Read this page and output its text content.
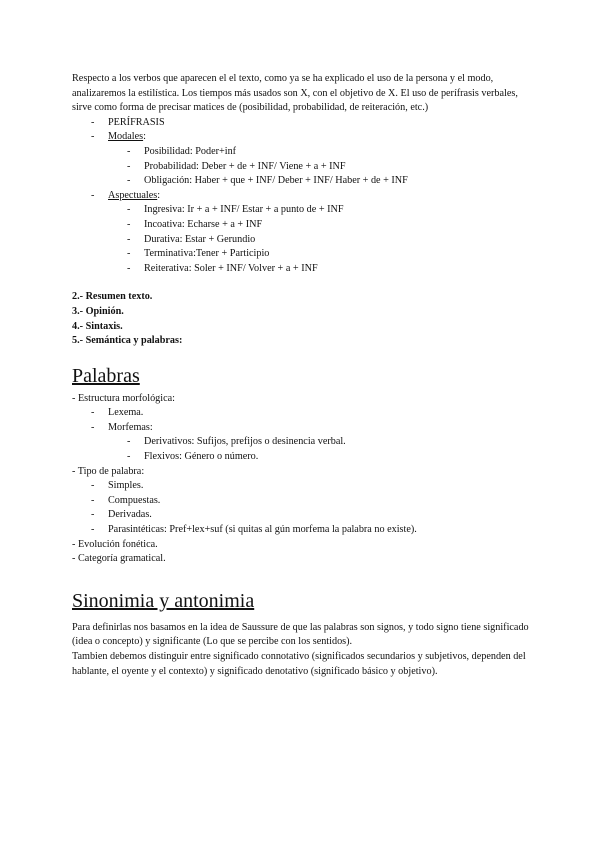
Respecto a los verbos que aparecen el el texto, como ya se ha explicado el uso de la persona y el modo, analizaremos la estilística. Los tiempos más usados son X, con el objetivo de X. El uso de perífrasis verbales, sirve como forma de precisar matices de (posibilidad, probabilidad, de reiteración, etc.)

- PERÍFRASIS
- Modales:
- Posibilidad: Poder+inf
- Probabilidad: Deber + de + INF/ Viene + a + INF
- Obligación: Haber + que + INF/ Deber + INF/ Haber + de + INF
- Aspectuales:
- Ingresiva: Ir + a + INF/ Estar + a punto de + INF
- Incoativa: Echarse + a + INF
- Durativa: Estar + Gerundio
- Terminativa:Tener + Participio
- Reiterativa: Soler + INF/ Volver + a + INF

2.- Resumen texto.

3.- Opinión.

4.- Sintaxis.

5.- Semántica y palabras:

Palabras
- Estructura morfológica:
- Lexema.
- Morfemas:
- Derivativos: Sufijos, prefijos o desinencia verbal.
- Flexivos: Género o número.
- Tipo de palabra:
- Simples.
- Compuestas.
- Derivadas.
- Parasintéticas: Pref+lex+suf (si quitas al gún morfema la palabra no existe).
- Evolución fonética.
- Categoría gramatical.
Sinonimia y antonimia

Para definirlas nos basamos en la idea de Saussure de que las palabras son signos, y todo signo tiene significado (idea o concepto) y significante (Lo que se percibe con los sentidos).

Tambien debemos distinguir entre significado connotativo (significados secundarios y subjetivos, dependen del hablante, el oyente y el contexto) y significado denotativo (significado básico y objetivo).
